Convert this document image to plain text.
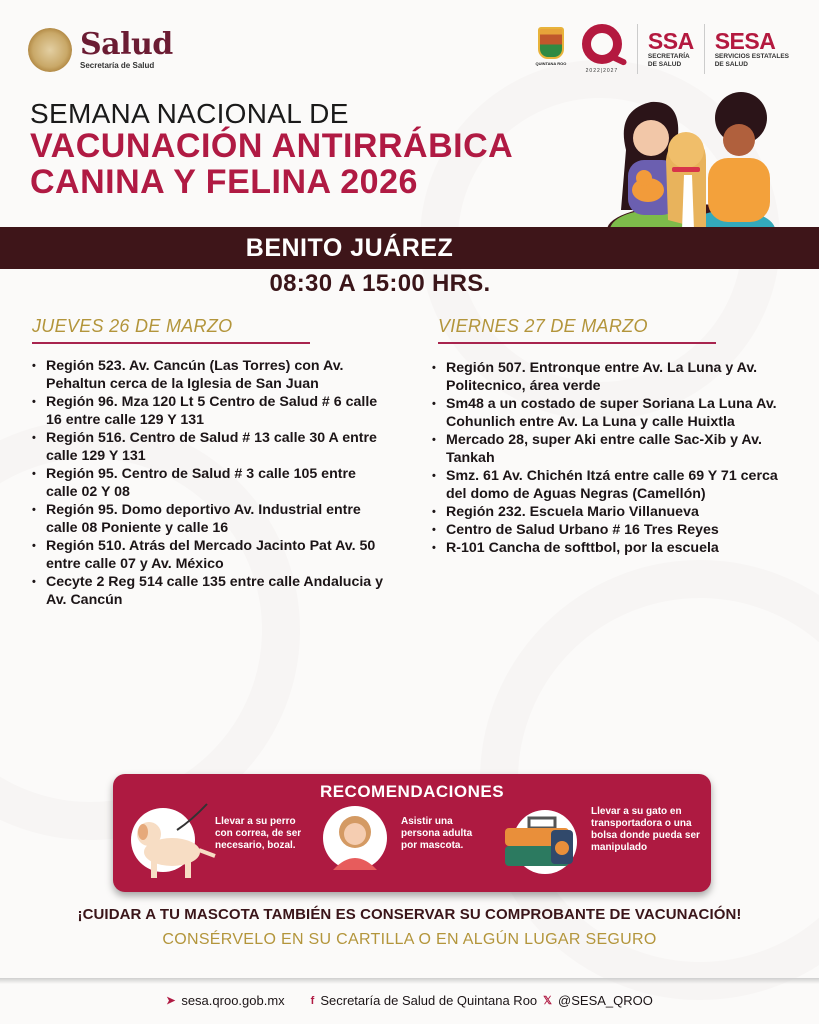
Salud
Secretaría de Salud	QUINTANA ROO
2022|2027
SSA
SECRETARÍA
DE SALUD
SESA
SERVICIOS ESTATALES
DE SALUD
SEMANA NACIONAL DE
VACUNACIÓN ANTIRRÁBICA
CANINA Y FELINA 2026
BENITO JUÁREZ
08:30 A 15:00 HRS.
JUEVES 26 DE MARZO	VIERNES 27 DE MARZO
• Región 523. Av. Cancún (Las Torres) con Av. Pehaltun cerca de la Iglesia de San Juan
• Región 96. Mza 120 Lt 5 Centro de Salud # 6 calle 16 entre calle 129 Y 131
• Región 516. Centro de Salud # 13 calle 30 A entre calle 129 Y 131
• Región 95. Centro de Salud # 3 calle 105 entre calle 02 Y 08
• Región 95. Domo deportivo Av. Industrial entre calle 08 Poniente y calle 16
• Región 510. Atrás del Mercado Jacinto Pat Av. 50 entre calle 07 y Av. México
• Cecyte 2 Reg 514 calle 135 entre calle Andalucia y Av. Cancún
• Región 507. Entronque entre Av. La Luna y Av. Politecnico, área verde
• Sm48 a un costado de super Soriana La Luna Av. Cohunlich entre Av. La Luna y calle Huixtla
• Mercado 28, super Aki entre calle Sac-Xib y Av. Tankah
• Smz. 61 Av. Chichén Itzá entre calle 69 Y 71 cerca del domo de Aguas Negras (Camellón)
• Región 232. Escuela Mario Villanueva
• Centro de Salud Urbano # 16 Tres Reyes
• R-101 Cancha de softtbol, por la escuela
RECOMENDACIONES
Llevar a su perro con correa, de ser necesario, bozal.
Asistir una persona adulta por mascota.
Llevar a su gato en transportadora o una bolsa donde pueda ser manipulado
¡CUIDAR A TU MASCOTA TAMBIÉN ES CONSERVAR SU COMPROBANTE DE VACUNACIÓN!
CONSÉRVELO EN SU CARTILLA O EN ALGÚN LUGAR SEGURO
➤ sesa.qroo.gob.mx f Secretaría de Salud de Quintana Roo 𝕏 @SESA_QROO
